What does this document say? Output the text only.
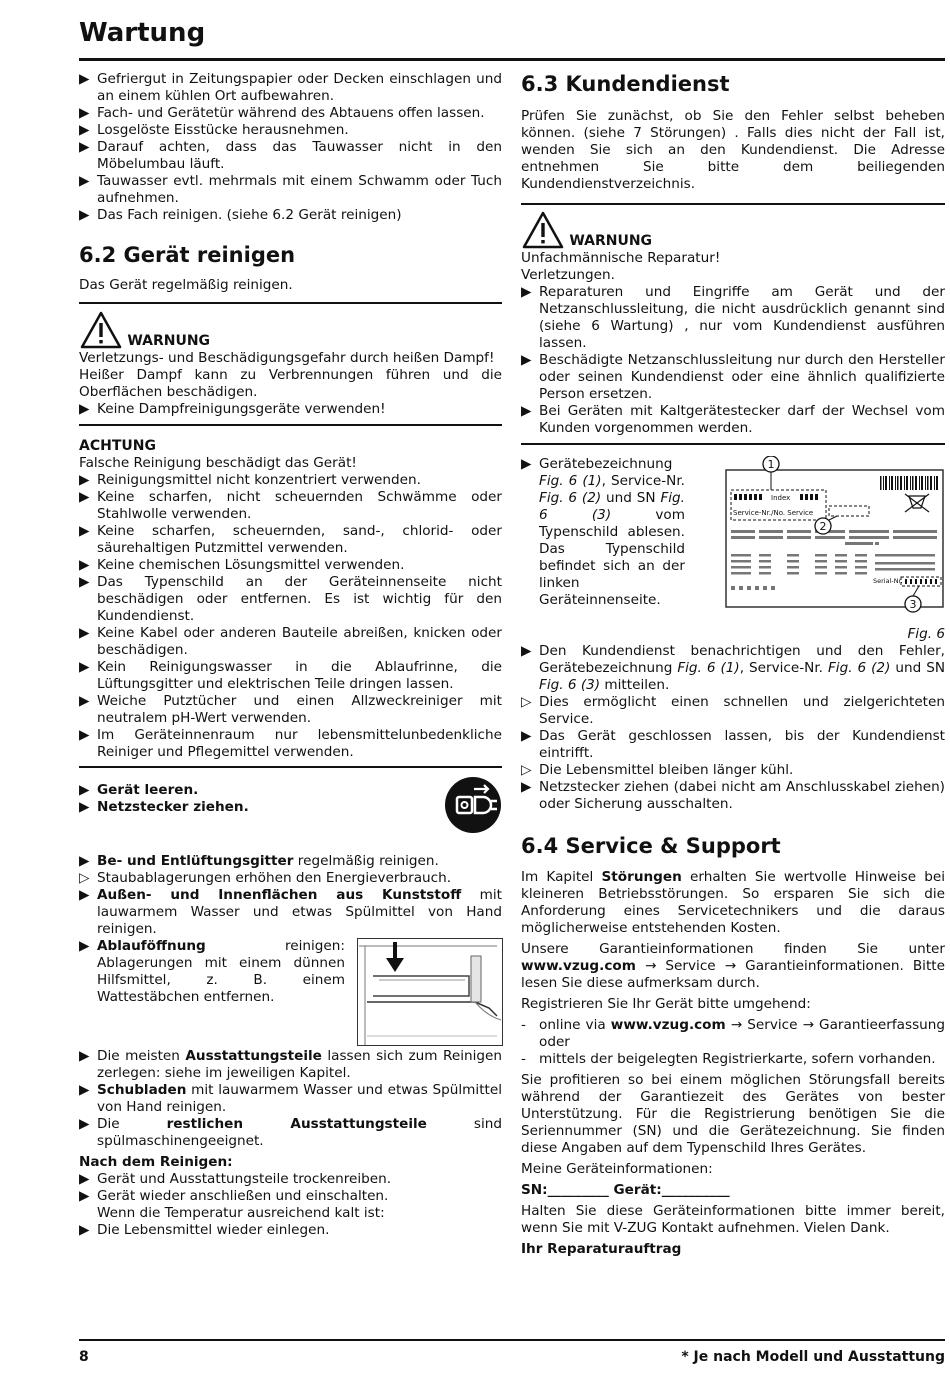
Wartung
▶ Gefriergut in Zeitungspapier oder Decken einschlagen und an einem kühlen Ort aufbewahren.
▶ Fach- und Gerätetür während des Abtauens offen lassen.
▶ Losgelöste Eisstücke herausnehmen.
▶ Darauf achten, dass das Tauwasser nicht in den Möbelumbau läuft.
▶ Tauwasser evtl. mehrmals mit einem Schwamm oder Tuch aufnehmen.
▶ Das Fach reinigen. (siehe 6.2 Gerät reinigen)
6.2 Gerät reinigen

Das Gerät regelmäßig reinigen.

WARNUNG

Verletzungs- und Beschädigungsgefahr durch heißen Dampf!

Heißer Dampf kann zu Verbrennungen führen und die Oberflächen beschädigen.

▶ Keine Dampfreinigungsgeräte verwenden!
ACHTUNG

Falsche Reinigung beschädigt das Gerät!

▶ Reinigungsmittel nicht konzentriert verwenden.
▶ Keine scharfen, nicht scheuernden Schwämme oder Stahlwolle verwenden.
▶ Keine scharfen, scheuernden, sand-, chlorid- oder säurehaltigen Putzmittel verwenden.
▶ Keine chemischen Lösungsmittel verwenden.
▶ Das Typenschild an der Geräteinnenseite nicht beschädigen oder entfernen. Es ist wichtig für den Kundendienst.
▶ Keine Kabel oder anderen Bauteile abreißen, knicken oder beschädigen.
▶ Kein Reinigungswasser in die Ablaufrinne, die Lüftungsgitter und elektrischen Teile dringen lassen.
▶ Weiche Putztücher und einen Allzweckreiniger mit neutralem pH-Wert verwenden.
▶ Im Geräteinnenraum nur lebensmittelunbedenkliche Reiniger und Pflegemittel verwenden.
▶ Gerät leeren.
▶ Netzstecker ziehen.
▶ Be- und Entlüftungsgitter regelmäßig reinigen.
▷ Staubablagerungen erhöhen den Energieverbrauch.
▶ Außen- und Innenflächen aus Kunststoff mit lauwarmem Wasser und etwas Spülmittel von Hand reinigen.
▶ Ablauföffnung reinigen: Ablagerungen mit einem dünnen Hilfsmittel, z. B. einem Wattestäbchen entfernen.
▶ Die meisten Ausstattungsteile lassen sich zum Reinigen zerlegen: siehe im jeweiligen Kapitel.
▶ Schubladen mit lauwarmem Wasser und etwas Spülmittel von Hand reinigen.
▶ Die restlichen Ausstattungsteile sind spülmaschinengeeignet.
Nach dem Reinigen:
▶ Gerät und Ausstattungsteile trockenreiben.
▶ Gerät wieder anschließen und einschalten.
Wenn die Temperatur ausreichend kalt ist:
▶ Die Lebensmittel wieder einlegen.
6.3 Kundendienst

Prüfen Sie zunächst, ob Sie den Fehler selbst beheben können. (siehe 7 Störungen) . Falls dies nicht der Fall ist, wenden Sie sich an den Kundendienst. Die Adresse entnehmen Sie bitte dem beiliegenden Kundendienstverzeichnis.

WARNUNG

Unfachmännische Reparatur!

Verletzungen.

▶ Reparaturen und Eingriffe am Gerät und der Netzanschlussleitung, die nicht ausdrücklich genannt sind (siehe 6 Wartung) , nur vom Kundendienst ausführen lassen.
▶ Beschädigte Netzanschlussleitung nur durch den Hersteller oder seinen Kundendienst oder eine ähnlich qualifizierte Person ersetzen.
▶ Bei Geräten mit Kaltgerätestecker darf der Wechsel vom Kunden vorgenommen werden.
▶ Gerätebezeichnung Fig. 6 (1), Service-Nr. Fig. 6 (2) und SN Fig. 6 (3) vom Typenschild ablesen. Das Typenschild befindet sich an der linken Geräteinnenseite.
Index
Service-Nr./No. Service
Serial-Nr.
1
2
3
Fig. 6
▶ Den Kundendienst benachrichtigen und den Fehler, Gerätebezeichnung Fig. 6 (1), Service-Nr. Fig. 6 (2) und SN Fig. 6 (3) mitteilen.
▷ Dies ermöglicht einen schnellen und zielgerichteten Service.
▶ Das Gerät geschlossen lassen, bis der Kundendienst eintrifft.
▷ Die Lebensmittel bleiben länger kühl.
▶ Netzstecker ziehen (dabei nicht am Anschlusskabel ziehen) oder Sicherung ausschalten.
6.4 Service & Support

Im Kapitel Störungen erhalten Sie wertvolle Hinweise bei kleineren Betriebsstörungen. So ersparen Sie sich die Anforderung eines Servicetechnikers und die daraus möglicherweise entstehenden Kosten.

Unsere Garantieinformationen finden Sie unter www.vzug.com → Service → Garantieinformationen. Bitte lesen Sie diese aufmerksam durch.

Registrieren Sie Ihr Gerät bitte umgehend:

- online via www.vzug.com → Service → Garantieerfassung oder
- mittels der beigelegten Registrierkarte, sofern vorhanden.

Sie profitieren so bei einem möglichen Störungsfall bereits während der Garantiezeit des Gerätes von bester Unterstützung. Für die Registrierung benötigen Sie die Seriennummer (SN) und die Gerätezeichnung. Sie finden diese Angaben auf dem Typenschild Ihres Gerätes.

Meine Geräteinformationen:

SN:_________ Gerät:__________

Halten Sie diese Geräteinformationen bitte immer bereit, wenn Sie mit V-ZUG Kontakt aufnehmen. Vielen Dank.

Ihr Reparaturauftrag

8	* Je nach Modell und Ausstattung
